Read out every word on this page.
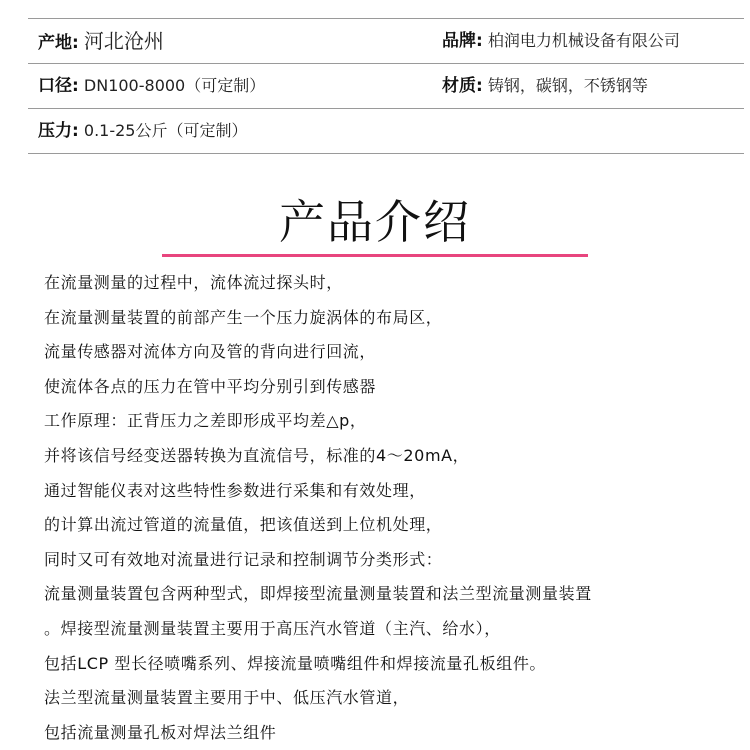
产地: 河北沧州	品牌: 柏润电力机械设备有限公司
口径: DN100-8000（可定制）	材质: 铸钢，碳钢，不锈钢等
压力: 0.1-25公斤（可定制）
产品介绍
在流量测量的过程中，流体流过探头时，
在流量测量装置的前部产生一个压力旋涡体的布局区，
流量传感器对流体方向及管的背向进行回流，
使流体各点的压力在管中平均分别引到传感器
工作原理：正背压力之差即形成平均差△p，
并将该信号经变送器转换为直流信号，标准的4～20mA，
通过智能仪表对这些特性参数进行采集和有效处理，
的计算出流过管道的流量值，把该值送到上位机处理，
同时又可有效地对流量进行记录和控制调节分类形式：
流量测量装置包含两种型式，即焊接型流量测量装置和法兰型流量测量装置
。焊接型流量测量装置主要用于高压汽水管道（主汽、给水），
包括LCP 型长径喷嘴系列、焊接流量喷嘴组件和焊接流量孔板组件。
法兰型流量测量装置主要用于中、低压汽水管道，
包括流量测量孔板对焊法兰组件
